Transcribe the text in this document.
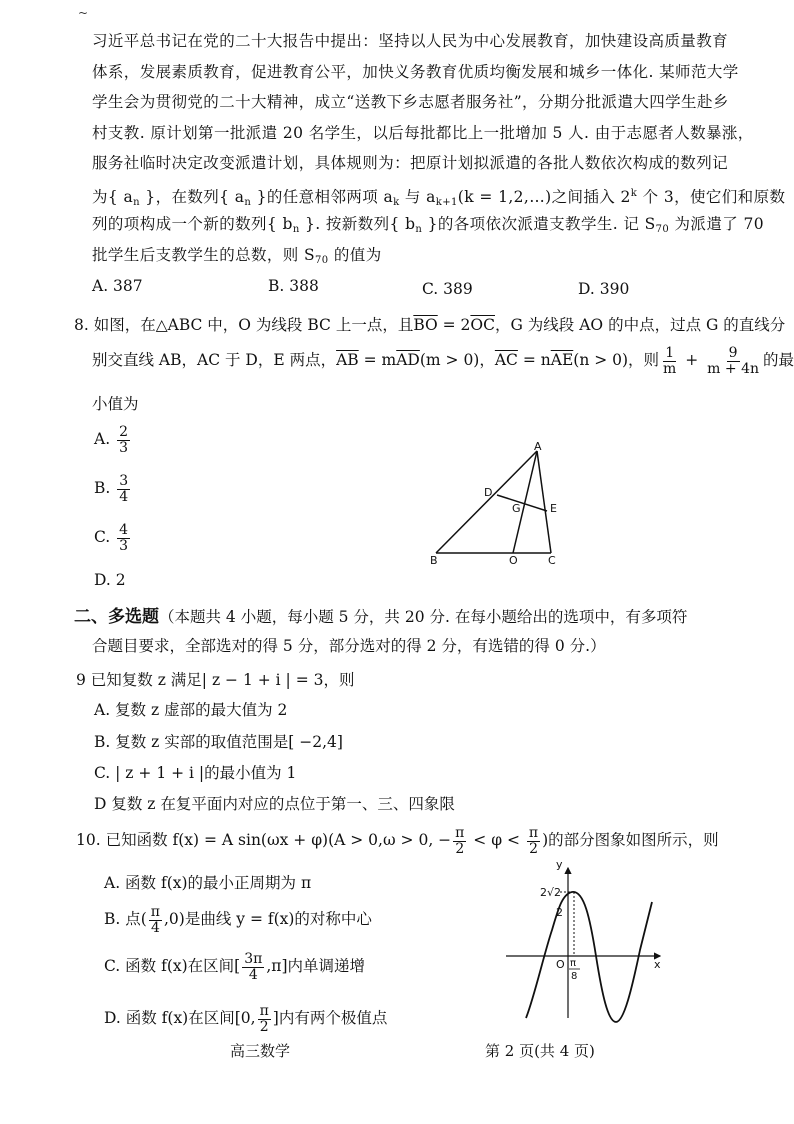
~
习近平总书记在党的二十大报告中提出：坚持以人民为中心发展教育，加快建设高质量教育
体系，发展素质教育，促进教育公平，加快义务教育优质均衡发展和城乡一体化. 某师范大学
学生会为贯彻党的二十大精神，成立“送教下乡志愿者服务社”，分期分批派遣大四学生赴乡
村支教. 原计划第一批派遣 20 名学生，以后每批都比上一批增加 5 人. 由于志愿者人数暴涨，
服务社临时决定改变派遣计划，具体规则为：把原计划拟派遣的各批人数依次构成的数列记
为{ $a_n$ }，在数列{ $a_n$ }的任意相邻两项 $a_k$ 与 $a_{k+1}(k$ = 1,2,…)之间插入 2$^k$ 个 3，使它们和原数
列的项构成一个新的数列{ $b_n$ }. 按新数列{ $b_n$ }的各项依次派遣支教学生. 记 $S_{70}$ 为派遣了 70
批学生后支教学生的总数，则 $S_{70}$ 的值为
A. 387	B. 388	C. 389	D. 390
8. 如图，在△ABC 中，O 为线段 BC 上一点，且$\overline{BO} = 2\overline{OC}$，G 为线段 AO 的中点，过点 G 的直线分
别交直线 AB，AC 于 D，E 两点，$\overline{AB} = m\overline{AD}(m > 0)$，$\overline{AC} = n\overline{AE}(n > 0)$，则 $\frac{1}{m} + \frac{9}{m + 4n}$ 的最
小值为
A. $\frac{2}{3}$
B. $\frac{3}{4}$
C. $\frac{4}{3}$
D. 2
A
B	C
D
E
G
O
二、多选题（本题共 4 小题，每小题 5 分，共 20 分. 在每小题给出的选项中，有多项符
合题目要求，全部选对的得 5 分，部分选对的得 2 分，有选错的得 0 分.）
9 已知复数 z 满足| z − 1 + i | = 3，则
A. 复数 z 虚部的最大值为 2
B. 复数 z 实部的取值范围是[ −2,4]
C. | z + 1 + i |的最小值为 1
D 复数 z 在复平面内对应的点位于第一、三、四象限
10. 已知函数 f(x) = A sin(ωx + φ)(A > 0,ω > 0, − $\frac{\pi}{2} < \varphi < \frac{\pi}{2}$ )的部分图象如图所示，则
A. 函数 f(x)的最小正周期为 π
B. 点( $\frac{\pi}{4} ,0$)是曲线 y = f(x)的对称中心
C. 函数 f(x)在区间[ $\frac{3\pi}{4} ,\pi$]内单调递增
D. 函数 f(x)在区间[0, $\frac{\pi}{2}$ ]内有两个极值点
y
x
O
2√2
2
π
8
高三数学	第 2 页(共 4 页)
